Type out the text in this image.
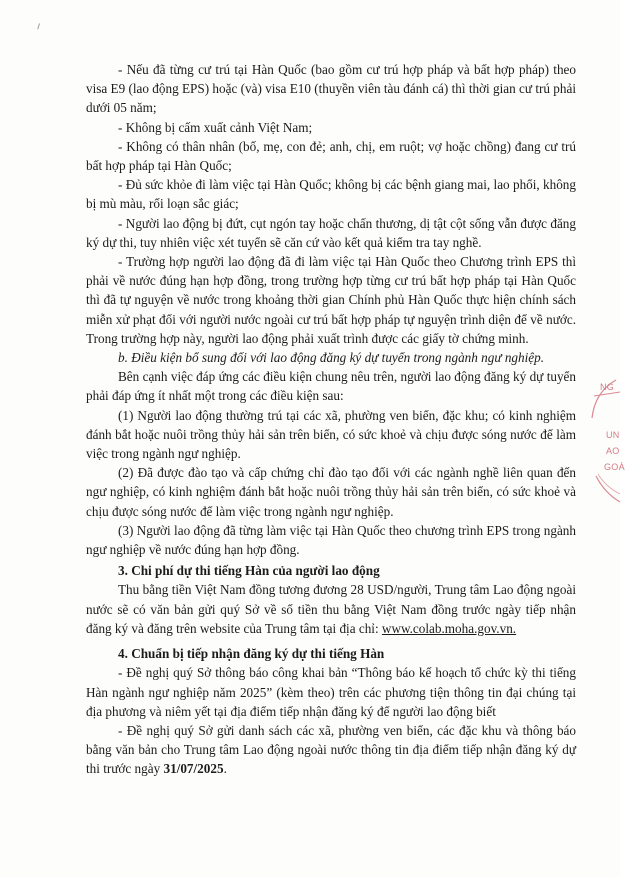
- Nếu đã từng cư trú tại Hàn Quốc (bao gồm cư trú hợp pháp và bất hợp pháp) theo visa E9 (lao động EPS) hoặc (và) visa E10 (thuyền viên tàu đánh cá) thì thời gian cư trú phải dưới 05 năm;

- Không bị cấm xuất cảnh Việt Nam;

- Không có thân nhân (bố, mẹ, con đẻ; anh, chị, em ruột; vợ hoặc chồng) đang cư trú bất hợp pháp tại Hàn Quốc;

- Đủ sức khỏe đi làm việc tại Hàn Quốc; không bị các bệnh giang mai, lao phổi, không bị mù màu, rối loạn sắc giác;

- Người lao động bị đứt, cụt ngón tay hoặc chấn thương, dị tật cột sống vẫn được đăng ký dự thi, tuy nhiên việc xét tuyển sẽ căn cứ vào kết quả kiểm tra tay nghề.

- Trường hợp người lao động đã đi làm việc tại Hàn Quốc theo Chương trình EPS thì phải về nước đúng hạn hợp đồng, trong trường hợp từng cư trú bất hợp pháp tại Hàn Quốc thì đã tự nguyện về nước trong khoảng thời gian Chính phủ Hàn Quốc thực hiện chính sách miễn xử phạt đối với người nước ngoài cư trú bất hợp pháp tự nguyện trình diện để về nước. Trong trường hợp này, người lao động phải xuất trình được các giấy tờ chứng minh.

b. Điều kiện bổ sung đối với lao động đăng ký dự tuyển trong ngành ngư nghiệp.

Bên cạnh việc đáp ứng các điều kiện chung nêu trên, người lao động đăng ký dự tuyển phải đáp ứng ít nhất một trong các điều kiện sau:

(1) Người lao động thường trú tại các xã, phường ven biển, đặc khu; có kinh nghiệm đánh bắt hoặc nuôi trồng thủy hải sản trên biển, có sức khoẻ và chịu được sóng nước để làm việc trong ngành ngư nghiệp.

(2) Đã được đào tạo và cấp chứng chỉ đào tạo đối với các ngành nghề liên quan đến ngư nghiệp, có kinh nghiệm đánh bắt hoặc nuôi trồng thủy hải sản trên biển, có sức khoẻ và chịu được sóng nước để làm việc trong ngành ngư nghiệp.

(3) Người lao động đã từng làm việc tại Hàn Quốc theo chương trình EPS trong ngành ngư nghiệp về nước đúng hạn hợp đồng.

3. Chi phí dự thi tiếng Hàn của người lao động

Thu bằng tiền Việt Nam đồng tương đương 28 USD/người, Trung tâm Lao động ngoài nước sẽ có văn bản gửi quý Sở về số tiền thu bằng Việt Nam đồng trước ngày tiếp nhận đăng ký và đăng trên website của Trung tâm tại địa chỉ: www.colab.moha.gov.vn.

4. Chuẩn bị tiếp nhận đăng ký dự thi tiếng Hàn

- Đề nghị quý Sở thông báo công khai bản “Thông báo kế hoạch tổ chức kỳ thi tiếng Hàn ngành ngư nghiệp năm 2025” (kèm theo) trên các phương tiện thông tin đại chúng tại địa phương và niêm yết tại địa điểm tiếp nhận đăng ký để người lao động biết

- Đề nghị quý Sở gửi danh sách các xã, phường ven biển, các đặc khu và thông báo bằng văn bản cho Trung tâm Lao động ngoài nước thông tin địa điểm tiếp nhận đăng ký dự thi trước ngày 31/07/2025.

NG
UN
AO
GOÀ
